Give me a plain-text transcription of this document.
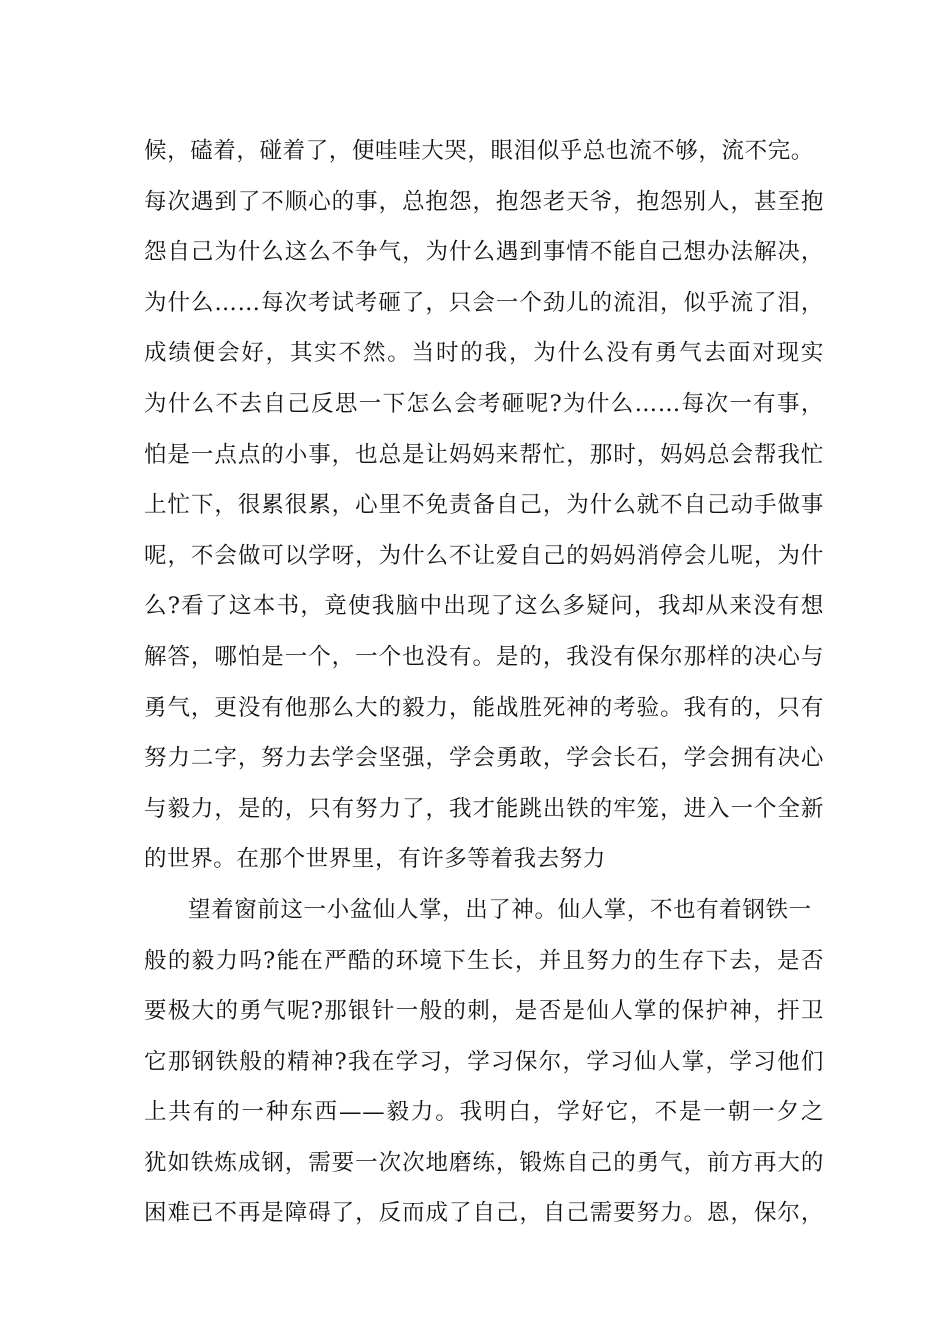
候，磕着，碰着了，便哇哇大哭，眼泪似乎总也流不够，流不完。
每次遇到了不顺心的事，总抱怨，抱怨老天爷，抱怨别人，甚至抱
怨自己为什么这么不争气，为什么遇到事情不能自己想办法解决，
为什么……每次考试考砸了，只会一个劲儿的流泪，似乎流了泪，
成绩便会好，其实不然。当时的我，为什么没有勇气去面对现实
为什么不去自己反思一下怎么会考砸呢?为什么……每次一有事，
怕是一点点的小事，也总是让妈妈来帮忙，那时，妈妈总会帮我忙
上忙下，很累很累，心里不免责备自己，为什么就不自己动手做事
呢，不会做可以学呀，为什么不让爱自己的妈妈消停会儿呢，为什
么?看了这本书，竟使我脑中出现了这么多疑问，我却从来没有想
解答，哪怕是一个，一个也没有。是的，我没有保尔那样的决心与
勇气，更没有他那么大的毅力，能战胜死神的考验。我有的，只有
努力二字，努力去学会坚强，学会勇敢，学会长石，学会拥有决心
与毅力，是的，只有努力了，我才能跳出铁的牢笼，进入一个全新
的世界。在那个世界里，有许多等着我去努力
望着窗前这一小盆仙人掌，出了神。仙人掌，不也有着钢铁一
般的毅力吗?能在严酷的环境下生长，并且努力的生存下去，是否
要极大的勇气呢?那银针一般的刺，是否是仙人掌的保护神，扞卫
它那钢铁般的精神?我在学习，学习保尔，学习仙人掌，学习他们
上共有的一种东西——毅力。我明白，学好它，不是一朝一夕之
犹如铁炼成钢，需要一次次地磨练，锻炼自己的勇气，前方再大的
困难已不再是障碍了，反而成了自己，自己需要努力。恩，保尔，
